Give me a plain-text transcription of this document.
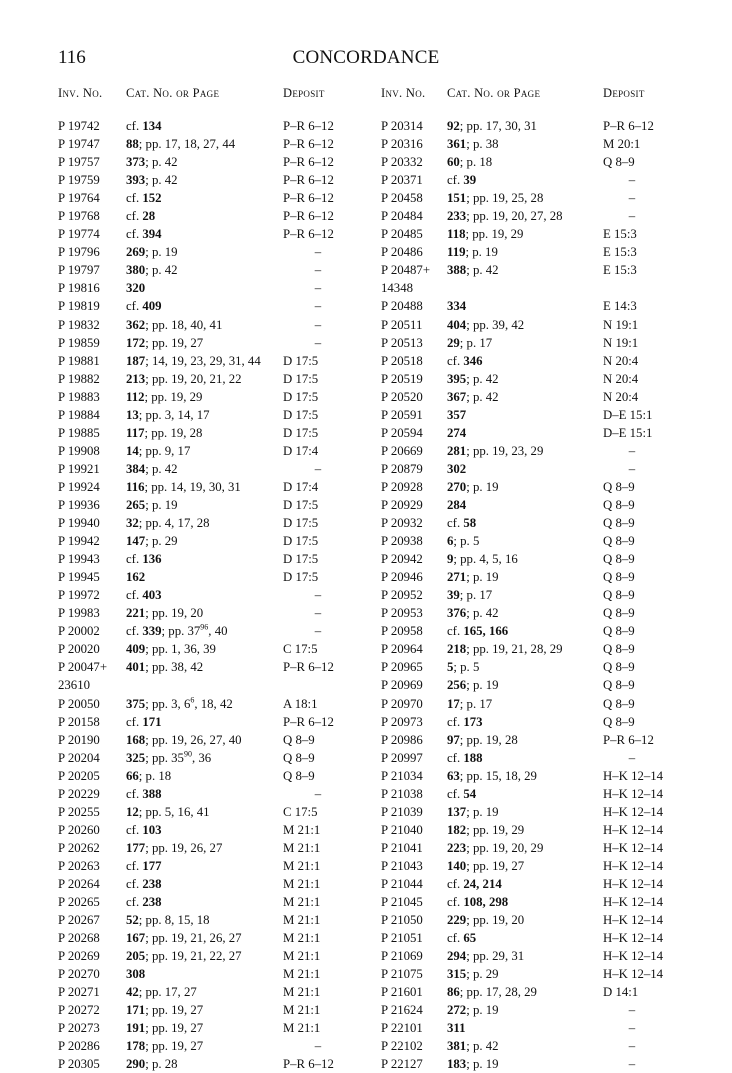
116	CONCORDANCE
Inv. No. Cat. No. or Page	Deposit	Inv. No. Cat. No. or Page	Deposit
P 19742 cf. 134	P–R 6–12	P 20314 92; pp. 17, 30, 31	P–R 6–12
P 19747 88; pp. 17, 18, 27, 44	P–R 6–12	P 20316 361; p. 38	M 20:1
P 19757 373; p. 42	P–R 6–12	P 20332 60; p. 18	Q 8–9
P 19759 393; p. 42	P–R 6–12	P 20371 cf. 39	–
P 19764 cf. 152	P–R 6–12	P 20458 151; pp. 19, 25, 28	–
P 19768 cf. 28	P–R 6–12	P 20484 233; pp. 19, 20, 27, 28	–
P 19774 cf. 394	P–R 6–12	P 20485 118; pp. 19, 29	E 15:3
P 19796 269; p. 19	–	P 20486 119; p. 19	E 15:3
P 19797 380; p. 42	–	P 20487+ 388; p. 42	E 15:3
P 19816 320	–	14348
P 19819 cf. 409	–	P 20488 334	E 14:3
P 19832 362; pp. 18, 40, 41	–	P 20511 404; pp. 39, 42	N 19:1
P 19859 172; pp. 19, 27	–	P 20513 29; p. 17	N 19:1
P 19881 187; 14, 19, 23, 29, 31, 44 D 17:5	P 20518 cf. 346	N 20:4
P 19882 213; pp. 19, 20, 21, 22	D 17:5	P 20519 395; p. 42	N 20:4
P 19883 112; pp. 19, 29	D 17:5	P 20520 367; p. 42	N 20:4
P 19884 13; pp. 3, 14, 17	D 17:5	P 20591 357	D–E 15:1
P 19885 117; pp. 19, 28	D 17:5	P 20594 274	D–E 15:1
P 19908 14; pp. 9, 17	D 17:4	P 20669 281; pp. 19, 23, 29	–
P 19921 384; p. 42	–	P 20879 302	–
P 19924 116; pp. 14, 19, 30, 31	D 17:4	P 20928 270; p. 19	Q 8–9
P 19936 265; p. 19	D 17:5	P 20929 284	Q 8–9
P 19940 32; pp. 4, 17, 28	D 17:5	P 20932 cf. 58	Q 8–9
P 19942 147; p. 29	D 17:5	P 20938 6; p. 5	Q 8–9
P 19943 cf. 136	D 17:5	P 20942 9; pp. 4, 5, 16	Q 8–9
P 19945 162	D 17:5	P 20946 271; p. 19	Q 8–9
P 19972 cf. 403	–	P 20952 39; p. 17	Q 8–9
P 19983 221; pp. 19, 20	–	P 20953 376; p. 42	Q 8–9
P 20002 cf. 339; pp. $37^{96}$, 40	–	P 20958 cf. 165, 166	Q 8–9
P 20020 409; pp. 1, 36, 39	C 17:5	P 20964 218; pp. 19, 21, 28, 29	Q 8–9
P 20047+ 401; pp. 38, 42	P–R 6–12	P 20965 5; p. 5	Q 8–9
23610	P 20969 256; p. 19	Q 8–9
P 20050 375; pp. 3, $6^6$, 18, 42	A 18:1	P 20970 17; p. 17	Q 8–9
P 20158 cf. 171	P–R 6–12	P 20973 cf. 173	Q 8–9
P 20190 168; pp. 19, 26, 27, 40	Q 8–9	P 20986 97; pp. 19, 28	P–R 6–12
P 20204 325; pp. $35^{90}$, 36	Q 8–9	P 20997 cf. 188	–
P 20205 66; p. 18	Q 8–9	P 21034 63; pp. 15, 18, 29	H–K 12–14
P 20229 cf. 388	–	P 21038 cf. 54	H–K 12–14
P 20255 12; pp. 5, 16, 41	C 17:5	P 21039 137; p. 19	H–K 12–14
P 20260 cf. 103	M 21:1	P 21040 182; pp. 19, 29	H–K 12–14
P 20262 177; pp. 19, 26, 27	M 21:1	P 21041 223; pp. 19, 20, 29	H–K 12–14
P 20263 cf. 177	M 21:1	P 21043 140; pp. 19, 27	H–K 12–14
P 20264 cf. 238	M 21:1	P 21044 cf. 24, 214	H–K 12–14
P 20265 cf. 238	M 21:1	P 21045 cf. 108, 298	H–K 12–14
P 20267 52; pp. 8, 15, 18	M 21:1	P 21050 229; pp. 19, 20	H–K 12–14
P 20268 167; pp. 19, 21, 26, 27	M 21:1	P 21051 cf. 65	H–K 12–14
P 20269 205; pp. 19, 21, 22, 27	M 21:1	P 21069 294; pp. 29, 31	H–K 12–14
P 20270 308	M 21:1	P 21075 315; p. 29	H–K 12–14
P 20271 42; pp. 17, 27	M 21:1	P 21601 86; pp. 17, 28, 29	D 14:1
P 20272 171; pp. 19, 27	M 21:1	P 21624 272; p. 19	–
P 20273 191; pp. 19, 27	M 21:1	P 22101 311	–
P 20286 178; pp. 19, 27	–	P 22102 381; p. 42	–
P 20305 290; p. 28	P–R 6–12	P 22127 183; p. 19	–
